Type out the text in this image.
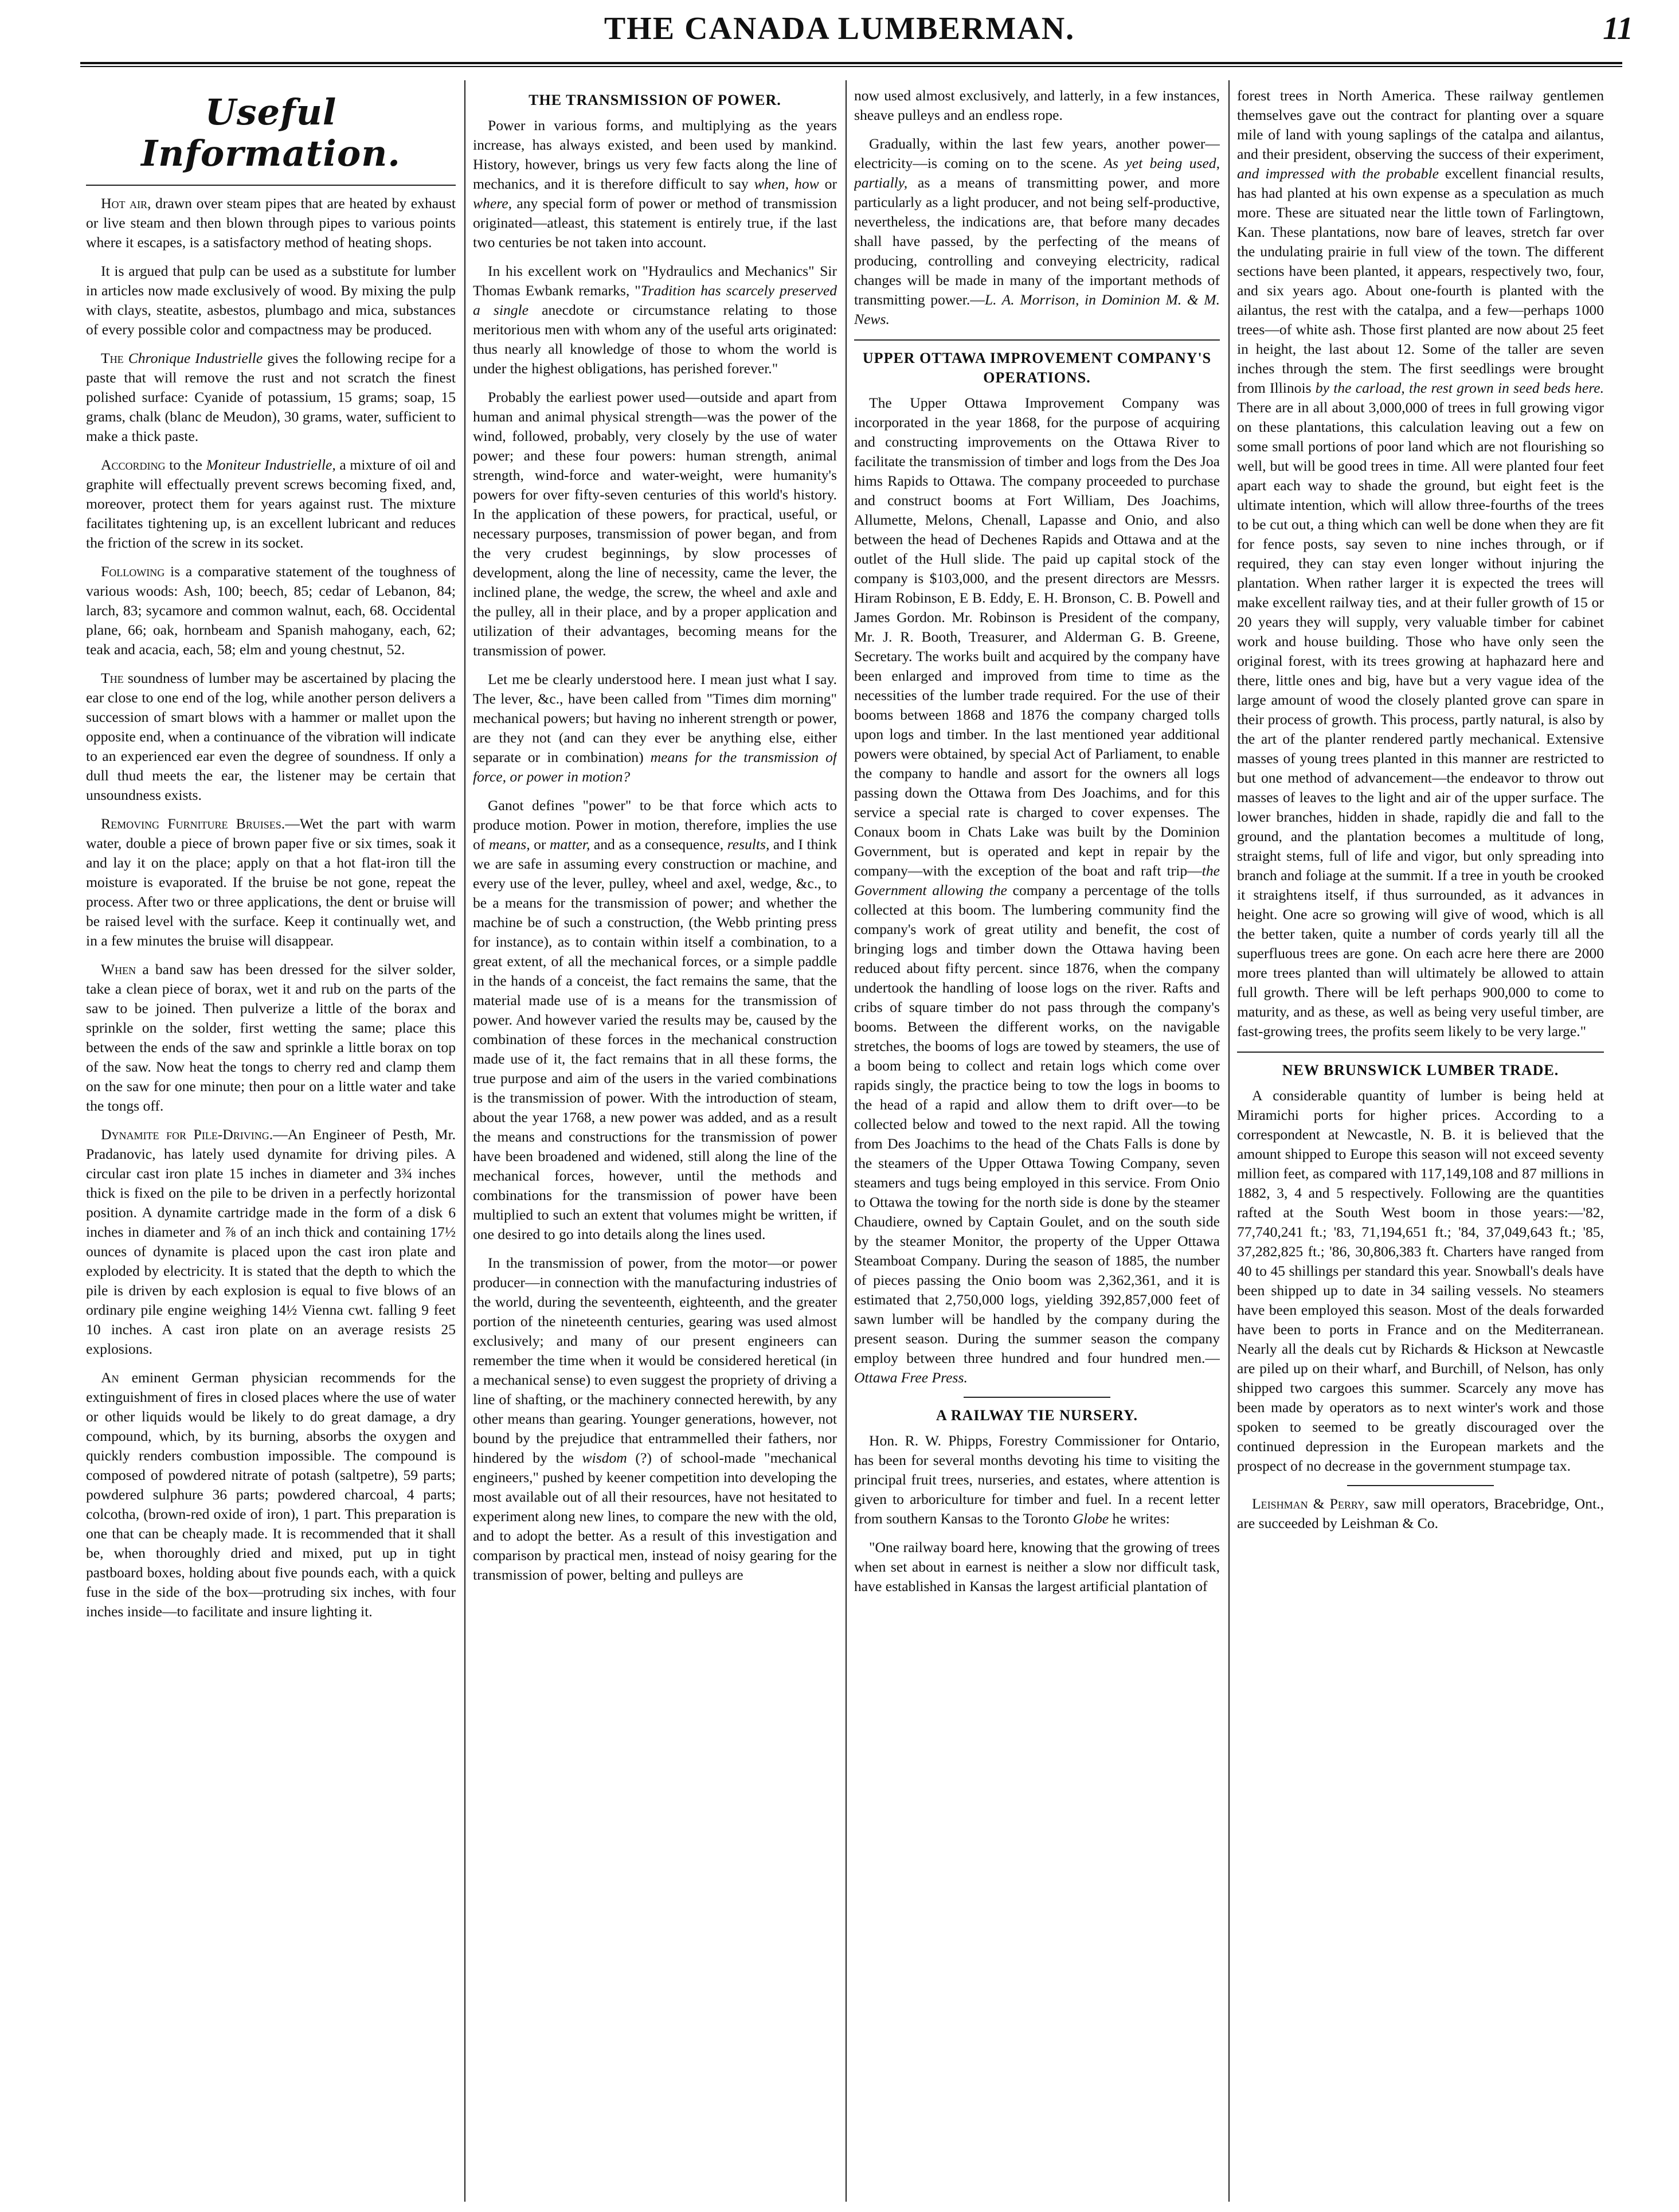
THE CANADA LUMBERMAN.	11
Useful Information.

Hot air, drawn over steam pipes that are heated by exhaust or live steam and then blown through pipes to various points where it escapes, is a satisfactory method of heating shops.

It is argued that pulp can be used as a substitute for lumber in articles now made exclusively of wood. By mixing the pulp with clays, steatite, asbestos, plumbago and mica, substances of every possible color and compactness may be produced.

The Chronique Industrielle gives the following recipe for a paste that will remove the rust and not scratch the finest polished surface: Cyanide of potassium, 15 grams; soap, 15 grams, chalk (blanc de Meudon), 30 grams, water, sufficient to make a thick paste.

According to the Moniteur Industrielle, a mixture of oil and graphite will effectually prevent screws becoming fixed, and, moreover, protect them for years against rust. The mixture facilitates tightening up, is an excellent lubricant and reduces the friction of the screw in its socket.

Following is a comparative statement of the toughness of various woods: Ash, 100; beech, 85; cedar of Lebanon, 84; larch, 83; sycamore and common walnut, each, 68. Occidental plane, 66; oak, hornbeam and Spanish mahogany, each, 62; teak and acacia, each, 58; elm and young chestnut, 52.

The soundness of lumber may be ascertained by placing the ear close to one end of the log, while another person delivers a succession of smart blows with a hammer or mallet upon the opposite end, when a continuance of the vibration will indicate to an experienced ear even the degree of soundness. If only a dull thud meets the ear, the listener may be certain that unsoundness exists.

Removing Furniture Bruises.—Wet the part with warm water, double a piece of brown paper five or six times, soak it and lay it on the place; apply on that a hot flat-iron till the moisture is evaporated. If the bruise be not gone, repeat the process. After two or three applications, the dent or bruise will be raised level with the surface. Keep it continually wet, and in a few minutes the bruise will disappear.

When a band saw has been dressed for the silver solder, take a clean piece of borax, wet it and rub on the parts of the saw to be joined. Then pulverize a little of the borax and sprinkle on the solder, first wetting the same; place this between the ends of the saw and sprinkle a little borax on top of the saw. Now heat the tongs to cherry red and clamp them on the saw for one minute; then pour on a little water and take the tongs off.

Dynamite for Pile-Driving.—An Engineer of Pesth, Mr. Pradanovic, has lately used dynamite for driving piles. A circular cast iron plate 15 inches in diameter and 3¾ inches thick is fixed on the pile to be driven in a perfectly horizontal position. A dynamite cartridge made in the form of a disk 6 inches in diameter and ⅞ of an inch thick and containing 17½ ounces of dynamite is placed upon the cast iron plate and exploded by electricity. It is stated that the depth to which the pile is driven by each explosion is equal to five blows of an ordinary pile engine weighing 14½ Vienna cwt. falling 9 feet 10 inches. A cast iron plate on an average resists 25 explosions.

An eminent German physician recommends for the extinguishment of fires in closed places where the use of water or other liquids would be likely to do great damage, a dry compound, which, by its burning, absorbs the oxygen and quickly renders combustion impossible. The compound is composed of powdered nitrate of potash (saltpetre), 59 parts; powdered sulphure 36 parts; powdered charcoal, 4 parts; colcotha, (brown-red oxide of iron), 1 part. This preparation is one that can be cheaply made. It is recommended that it shall be, when thoroughly dried and mixed, put up in tight pastboard boxes, holding about five pounds each, with a quick fuse in the side of the box—protruding six inches, with four inches inside—to facilitate and insure lighting it.

THE TRANSMISSION OF POWER.

Power in various forms, and multiplying as the years increase, has always existed, and been used by mankind. History, however, brings us very few facts along the line of mechanics, and it is therefore difficult to say when, how or where, any special form of power or method of transmission originated—atleast, this statement is entirely true, if the last two centuries be not taken into account.

In his excellent work on "Hydraulics and Mechanics" Sir Thomas Ewbank remarks, "Tradition has scarcely preserved a single anecdote or circumstance relating to those meritorious men with whom any of the useful arts originated: thus nearly all knowledge of those to whom the world is under the highest obligations, has perished forever."

Probably the earliest power used—outside and apart from human and animal physical strength—was the power of the wind, followed, probably, very closely by the use of water power; and these four powers: human strength, animal strength, wind-force and water-weight, were humanity's powers for over fifty-seven centuries of this world's history. In the application of these powers, for practical, useful, or necessary purposes, transmission of power began, and from the very crudest beginnings, by slow processes of development, along the line of necessity, came the lever, the inclined plane, the wedge, the screw, the wheel and axle and the pulley, all in their place, and by a proper application and utilization of their advantages, becoming means for the transmission of power.

Let me be clearly understood here. I mean just what I say. The lever, &c., have been called from "Times dim morning" mechanical powers; but having no inherent strength or power, are they not (and can they ever be anything else, either separate or in combination) means for the transmission of force, or power in motion?

Ganot defines "power" to be that force which acts to produce motion. Power in motion, therefore, implies the use of means, or matter, and as a consequence, results, and I think we are safe in assuming every construction or machine, and every use of the lever, pulley, wheel and axel, wedge, &c., to be a means for the transmission of power; and whether the machine be of such a construction, (the Webb printing press for instance), as to contain within itself a combination, to a great extent, of all the mechanical forces, or a simple paddle in the hands of a conceist, the fact remains the same, that the material made use of is a means for the transmission of power. And however varied the results may be, caused by the combination of these forces in the mechanical construction made use of it, the fact remains that in all these forms, the true purpose and aim of the users in the varied combinations is the transmission of power. With the introduction of steam, about the year 1768, a new power was added, and as a result the means and constructions for the transmission of power have been broadened and widened, still along the line of the mechanical forces, however, until the methods and combinations for the transmission of power have been multiplied to such an extent that volumes might be written, if one desired to go into details along the lines used.

In the transmission of power, from the motor—or power producer—in connection with the manufacturing industries of the world, during the seventeenth, eighteenth, and the greater portion of the nineteenth centuries, gearing was used almost exclusively; and many of our present engineers can remember the time when it would be considered heretical (in a mechanical sense) to even suggest the propriety of driving a line of shafting, or the machinery connected herewith, by any other means than gearing. Younger generations, however, not bound by the prejudice that entrammelled their fathers, nor hindered by the wisdom (?) of school-made "mechanical engineers," pushed by keener competition into developing the most available out of all their resources, have not hesitated to experiment along new lines, to compare the new with the old, and to adopt the better. As a result of this investigation and comparison by practical men, instead of noisy gearing for the transmission of power, belting and pulleys are

now used almost exclusively, and latterly, in a few instances, sheave pulleys and an endless rope.

Gradually, within the last few years, another power—electricity—is coming on to the scene. As yet being used, partially, as a means of transmitting power, and more particularly as a light producer, and not being self-productive, nevertheless, the indications are, that before many decades shall have passed, by the perfecting of the means of producing, controlling and conveying electricity, radical changes will be made in many of the important methods of transmitting power.—L. A. Morrison, in Dominion M. & M. News.

UPPER OTTAWA IMPROVEMENT COMPANY'S OPERATIONS.

The Upper Ottawa Improvement Company was incorporated in the year 1868, for the purpose of acquiring and constructing improvements on the Ottawa River to facilitate the transmission of timber and logs from the Des Joa hims Rapids to Ottawa. The company proceeded to purchase and construct booms at Fort William, Des Joachims, Allumette, Melons, Chenall, Lapasse and Onio, and also between the head of Dechenes Rapids and Ottawa and at the outlet of the Hull slide. The paid up capital stock of the company is $103,000, and the present directors are Messrs. Hiram Robinson, E B. Eddy, E. H. Bronson, C. B. Powell and James Gordon. Mr. Robinson is President of the company, Mr. J. R. Booth, Treasurer, and Alderman G. B. Greene, Secretary. The works built and acquired by the company have been enlarged and improved from time to time as the necessities of the lumber trade required. For the use of their booms between 1868 and 1876 the company charged tolls upon logs and timber. In the last mentioned year additional powers were obtained, by special Act of Parliament, to enable the company to handle and assort for the owners all logs passing down the Ottawa from Des Joachims, and for this service a special rate is charged to cover expenses. The Conaux boom in Chats Lake was built by the Dominion Government, but is operated and kept in repair by the company—with the exception of the boat and raft trip—the Government allowing the company a percentage of the tolls collected at this boom. The lumbering community find the company's work of great utility and benefit, the cost of bringing logs and timber down the Ottawa having been reduced about fifty percent. since 1876, when the company undertook the handling of loose logs on the river. Rafts and cribs of square timber do not pass through the company's booms. Between the different works, on the navigable stretches, the booms of logs are towed by steamers, the use of a boom being to collect and retain logs which come over rapids singly, the practice being to tow the logs in booms to the head of a rapid and allow them to drift over—to be collected below and towed to the next rapid. All the towing from Des Joachims to the head of the Chats Falls is done by the steamers of the Upper Ottawa Towing Company, seven steamers and tugs being employed in this service. From Onio to Ottawa the towing for the north side is done by the steamer Chaudiere, owned by Captain Goulet, and on the south side by the steamer Monitor, the property of the Upper Ottawa Steamboat Company. During the season of 1885, the number of pieces passing the Onio boom was 2,362,361, and it is estimated that 2,750,000 logs, yielding 392,857,000 feet of sawn lumber will be handled by the company during the present season. During the summer season the company employ between three hundred and four hundred men.—Ottawa Free Press.

A RAILWAY TIE NURSERY.

Hon. R. W. Phipps, Forestry Commissioner for Ontario, has been for several months devoting his time to visiting the principal fruit trees, nurseries, and estates, where attention is given to arboriculture for timber and fuel. In a recent letter from southern Kansas to the Toronto Globe he writes:

"One railway board here, knowing that the growing of trees when set about in earnest is neither a slow nor difficult task, have established in Kansas the largest artificial plantation of

forest trees in North America. These railway gentlemen themselves gave out the contract for planting over a square mile of land with young saplings of the catalpa and ailantus, and their president, observing the success of their experiment, and impressed with the probable excellent financial results, has had planted at his own expense as a speculation as much more. These are situated near the little town of Farlingtown, Kan. These plantations, now bare of leaves, stretch far over the undulating prairie in full view of the town. The different sections have been planted, it appears, respectively two, four, and six years ago. About one-fourth is planted with the ailantus, the rest with the catalpa, and a few—perhaps 1000 trees—of white ash. Those first planted are now about 25 feet in height, the last about 12. Some of the taller are seven inches through the stem. The first seedlings were brought from Illinois by the carload, the rest grown in seed beds here. There are in all about 3,000,000 of trees in full growing vigor on these plantations, this calculation leaving out a few on some small portions of poor land which are not flourishing so well, but will be good trees in time. All were planted four feet apart each way to shade the ground, but eight feet is the ultimate intention, which will allow three-fourths of the trees to be cut out, a thing which can well be done when they are fit for fence posts, say seven to nine inches through, or if required, they can stay even longer without injuring the plantation. When rather larger it is expected the trees will make excellent railway ties, and at their fuller growth of 15 or 20 years they will supply, very valuable timber for cabinet work and house building. Those who have only seen the original forest, with its trees growing at haphazard here and there, little ones and big, have but a very vague idea of the large amount of wood the closely planted grove can spare in their process of growth. This process, partly natural, is also by the art of the planter rendered partly mechanical. Extensive masses of young trees planted in this manner are restricted to but one method of advancement—the endeavor to throw out masses of leaves to the light and air of the upper surface. The lower branches, hidden in shade, rapidly die and fall to the ground, and the plantation becomes a multitude of long, straight stems, full of life and vigor, but only spreading into branch and foliage at the summit. If a tree in youth be crooked it straightens itself, if thus surrounded, as it advances in height. One acre so growing will give of wood, which is all the better taken, quite a number of cords yearly till all the superfluous trees are gone. On each acre here there are 2000 more trees planted than will ultimately be allowed to attain full growth. There will be left perhaps 900,000 to come to maturity, and as these, as well as being very useful timber, are fast-growing trees, the profits seem likely to be very large."

NEW BRUNSWICK LUMBER TRADE.

A considerable quantity of lumber is being held at Miramichi ports for higher prices. According to a correspondent at Newcastle, N. B. it is believed that the amount shipped to Europe this season will not exceed seventy million feet, as compared with 117,149,108 and 87 millions in 1882, 3, 4 and 5 respectively. Following are the quantities rafted at the South West boom in those years:—'82, 77,740,241 ft.; '83, 71,194,651 ft.; '84, 37,049,643 ft.; '85, 37,282,825 ft.; '86, 30,806,383 ft. Charters have ranged from 40 to 45 shillings per standard this year. Snowball's deals have been shipped up to date in 34 sailing vessels. No steamers have been employed this season. Most of the deals forwarded have been to ports in France and on the Mediterranean. Nearly all the deals cut by Richards & Hickson at Newcastle are piled up on their wharf, and Burchill, of Nelson, has only shipped two cargoes this summer. Scarcely any move has been made by operators as to next winter's work and those spoken to seemed to be greatly discouraged over the continued depression in the European markets and the prospect of no decrease in the government stumpage tax.

Leishman & Perry, saw mill operators, Bracebridge, Ont., are succeeded by Leishman & Co.
